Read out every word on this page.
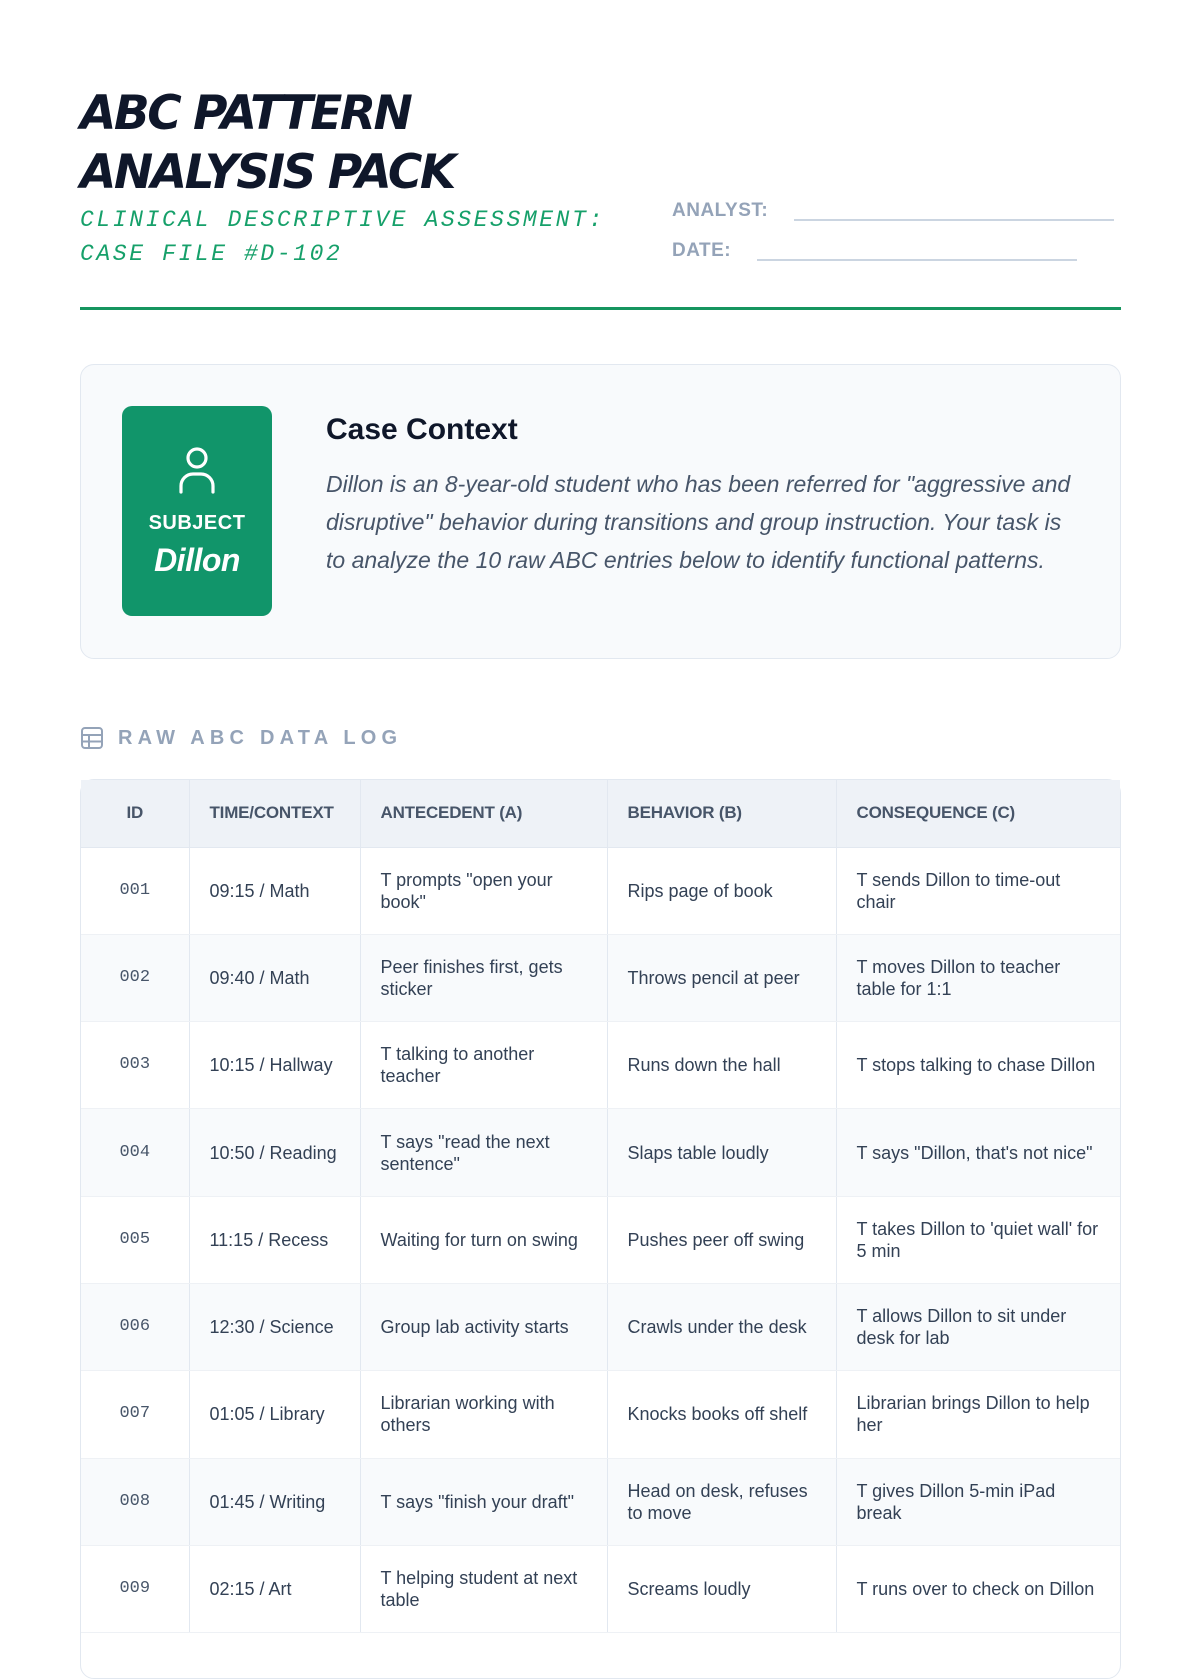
ABC PATTERN
ANALYSIS PACK
CLINICAL DESCRIPTIVE ASSESSMENT:
CASE FILE #D-102
ANALYST:
DATE:
SUBJECT
Dillon
Case Context
Dillon is an 8-year-old student who has been referred for "aggressive and disruptive" behavior during transitions and group instruction. Your task is to analyze the 10 raw ABC entries below to identify functional patterns.
RAW ABC DATA LOG
ID	TIME/CONTEXT	ANTECEDENT (A)	BEHAVIOR (B)	CONSEQUENCE (C)
001	09:15 / Math	T prompts "open your book"	Rips page of book	T sends Dillon to time-out chair
002	09:40 / Math	Peer finishes first, gets sticker	Throws pencil at peer	T moves Dillon to teacher table for 1:1
003	10:15 / Hallway	T talking to another teacher	Runs down the hall	T stops talking to chase Dillon
004	10:50 / Reading	T says "read the next sentence"	Slaps table loudly	T says "Dillon, that's not nice"
005	11:15 / Recess	Waiting for turn on swing	Pushes peer off swing	T takes Dillon to 'quiet wall' for 5 min
006	12:30 / Science	Group lab activity starts	Crawls under the desk	T allows Dillon to sit under desk for lab
007	01:05 / Library	Librarian working with others	Knocks books off shelf	Librarian brings Dillon to help her
008	01:45 / Writing	T says "finish your draft"	Head on desk, refuses to move	T gives Dillon 5-min iPad break
009	02:15 / Art	T helping student at next table	Screams loudly	T runs over to check on Dillon
